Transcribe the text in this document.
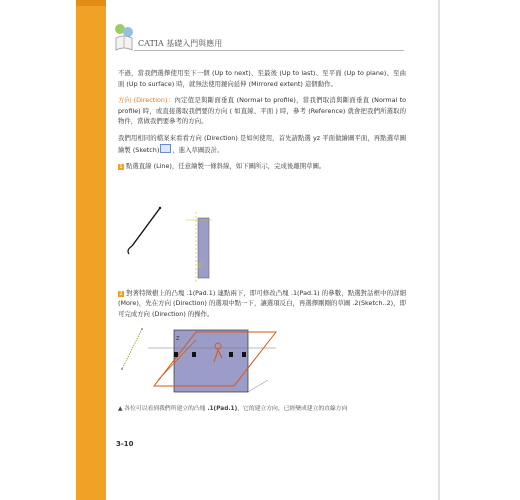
CATIA 基礎入門與應用

不過，當我們選擇使用至下一個 (Up to next)、至最後 (Up to last)、至平面 (Up to plane)、至曲面 (Up to surface) 時，就無法使用鏡向延伸 (Mirrored extent) 這個動作。

方向 (Direction)：內定值是與斷面垂直 (Normal to profile)，當我們取消與斷面垂直 (Normal to profile) 時，或直接選取我們要的方向 ( 如直線、平面 ) 時，參考 (Reference) 就會把我們所選取的物件，當做我們要參考的方向。

我們用相同的檔案來看看方向 (Direction) 是如何使用，首先請點選 yz 平面做繪圖平面，再點選草圖繪製 (Sketch) ，進入草圖設計。

1 點選直線 (Line)，任意繪製一條斜線，如下圖所示，完成後離開草圖。

2 對著特徵樹上的凸塊 .1(Pad.1) 連點兩下，即可修改凸塊 .1(Pad.1) 的參數，點選對話框中的詳細 (More)，先在方向 (Direction) 的選項中點一下，讓選項反白，再選擇剛剛的草圖 .2(Sketch..2)，即可完成方向 (Direction) 的操作。

Z
▲ 各位可以看到我們所建立的凸塊 .1(Pad.1)，它的建立方向，已經變成建立的直線方向
3-10
